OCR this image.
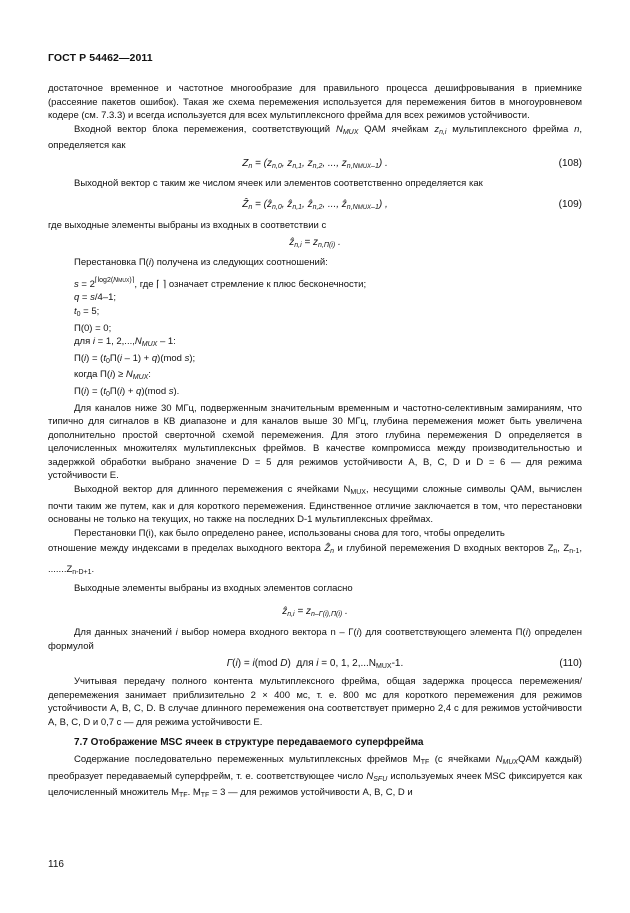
ГОСТ Р 54462—2011

достаточное временное и частотное многообразие для правильного процесса дешифровывания в приемнике (рассеяние пакетов ошибок). Такая же схема перемежения используется для перемежения битов в многоуровневом кодере (см. 7.3.3) и всегда используется для всех мультиплексного фрейма для всех режимов устойчивости.

Входной вектор блока перемежения, соответствующий $N_{MUX}$ QAM ячейкам $z_{n,i}$ мультиплексного фрейма n, определяется как

$Z_n = (z_{n,0}$, $z_{n,1}$, $z_{n,2}$, ..., $z_{n,NMUX-1}$) .	(108)

Выходной вектор с таким же числом ячеек или элементов соответственно определяется как

Ẑ$_n$ = (ẑ$_{n,0}$, ẑ$_{n,1}$, ẑ$_{n,2}$, ..., ẑ$_{n,NMUX-1}$) ,	(109)

где выходные элементы выбраны из входных в соответствии с

ẑ$_{n,i}$ = $z_{n,\Pi(i)}$ .

Перестановка Π(i) получена из следующих соотношений:

$s = 2^{⌈log2(NMUX)⌉}$, где ⌈ ⌉ означает стремление к плюс бесконечности;

q = s/4–1;

$t_0 = 5$;

Π(0) = 0;

для i = 1, $2,...,N_{MUX} - 1$:

$\Pi(i) = (t_0\Pi(i - 1) + q)(mod$ s);

когда $\Pi(i) \ge N_{MUX}$:

$\Pi(i) = (t_0\Pi(i) + q)(mod$ s).

Для каналов ниже 30 МГц, подверженным значительным временным и частотно-селективным замираниям, что типично для сигналов в КВ диапазоне и для каналов выше 30 МГц, глубина перемежения может быть увеличена дополнительно простой сверточной схемой перемежения. Для этого глубина перемежения D определяется в целочисленных множителях мультиплексных фреймов. В качестве компромисса между производительностью и задержкой обработки выбрано значение D = 5 для режимов устойчивости А, В, С, D и D = 6 — для режима устойчивости Е.

Выходной вектор для длинного перемежения с ячейками $N_{MUX}$, несущими сложные символы QAM, вычислен почти таким же путем, как и для короткого перемежения. Единственное отличие заключается в том, что перестановки основаны не только на текущих, но также на последних D-1 мультиплексных фреймах.

Перестановки Π(i), как было определено ранее, использованы снова для того, чтобы определить

отношение между индексами в пределах выходного вектора Ẑ$_n$ и глубиной перемежения D входных векторов $Z_n$, $Z_{n-1}$, $.......Z_{n-D+1}$.

Выходные элементы выбраны из входных элементов согласно

ẑ$_{n,i}$ = $z_{n-\Gamma(i),\Pi(i)}$ .

Для данных значений i выбор номера входного вектора n – Γ(i) для соответствующего элемента Π(i) определен формулой

Г(i) = i(mod D)  для i = 0, 1, $2,...N_{MUX}-1$.	(110)

Учитывая передачу полного контента мультиплексного фрейма, общая задержка процесса перемежения/деперемежения занимает приблизительно 2 × 400 мс, т. е. 800 мс для короткого перемежения для режимов устойчивости А, В, С, D. В случае длинного перемежения она соответствует примерно 2,4 с для режимов устойчивости А, В, С, D и 0,7 с — для режима устойчивости Е.

7.7 Отображение MSC ячеек в структуре передаваемого суперфрейма

Содержание последовательно перемеженных мультиплексных фреймов $M_{TF}$ (с ячейками $N_{MUX}QAM$ каждый) преобразует передаваемый суперфрейм, т. е. соответствующее число $N_{SFU}$ используемых ячеек MSC фиксируется как целочисленный множитель $M_{TF}$. $M_{TF} = 3$ — для режимов устойчивости А, В, С, D и

116
